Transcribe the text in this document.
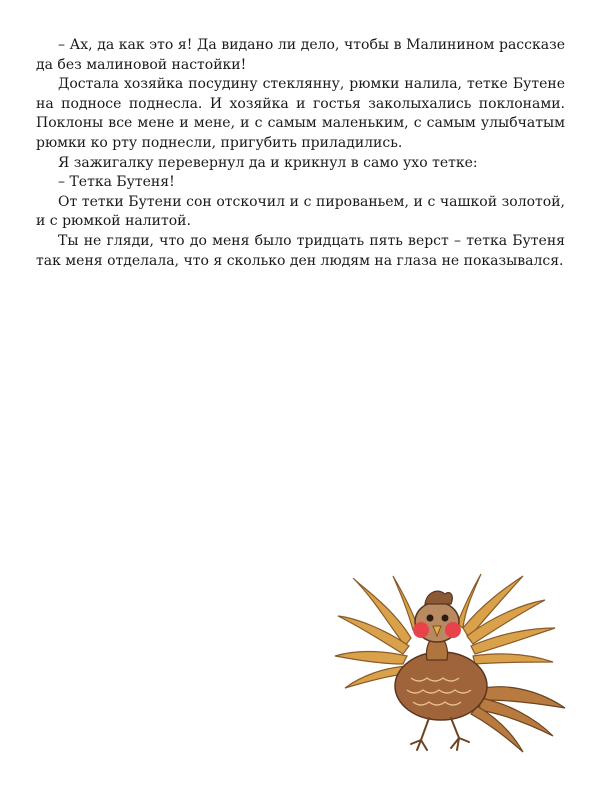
– Ах, да как это я! Да видано ли дело, чтобы в Малинином рассказе да без малиновой настойки!

Достала хозяйка посудину стеклянну, рюмки налила, тетке Бутене на подносе поднесла. И хозяйка и гостья заколыхались поклонами. Поклоны все мене и мене, и с самым маленьким, с самым улыбчатым рюмки ко рту поднесли, пригубить приладились.

Я зажигалку перевернул да и крикнул в само ухо тетке:

– Тетка Бутеня!

От тетки Бутени сон отскочил и с пированьем, и с чашкой золотой, и с рюмкой налитой.

Ты не гляди, что до меня было тридцать пять верст – тетка Бутеня так меня отделала, что я сколько ден людям на глаза не показывался.
